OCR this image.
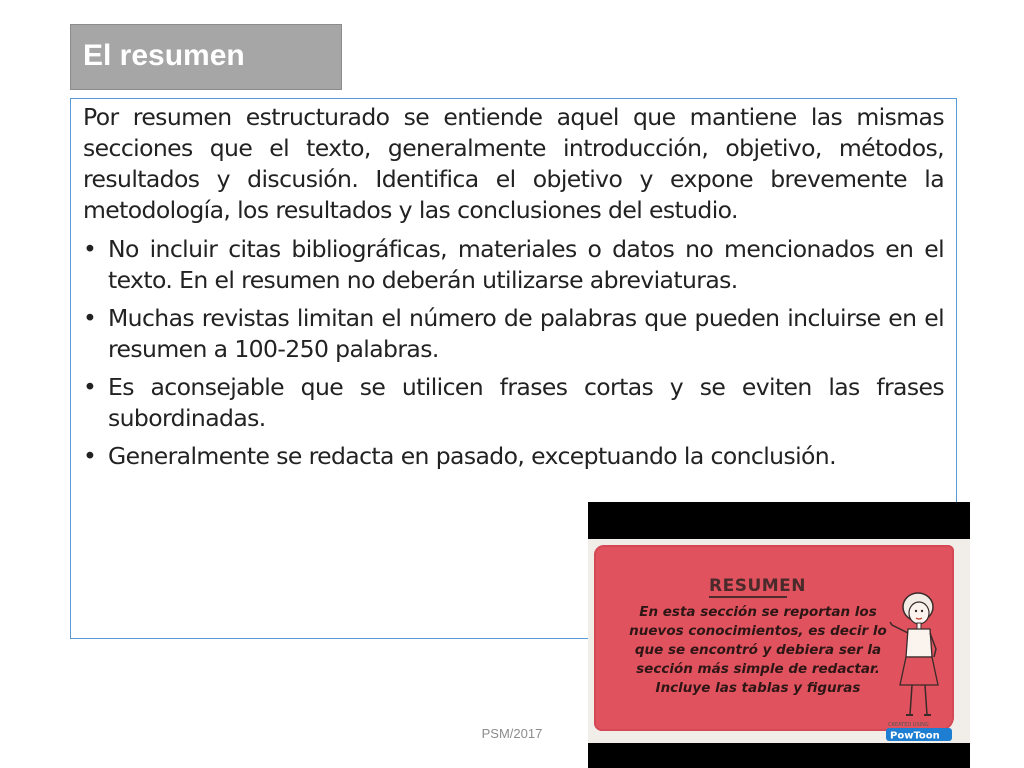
El resumen

Por resumen estructurado se entiende aquel que mantiene las mismas secciones que el texto, generalmente introducción, objetivo, métodos, resultados y discusión. Identifica el objetivo y expone brevemente la metodología, los resultados y las conclusiones del estudio.

• No incluir citas bibliográficas, materiales o datos no mencionados en el texto. En el resumen no deberán utilizarse abreviaturas.
• Muchas revistas limitan el número de palabras que pueden incluirse en el resumen a 100-250 palabras.
• Es aconsejable que se utilicen frases cortas y se eviten las frases subordinadas.
• Generalmente se redacta en pasado, exceptuando la conclusión.
PSM/2017
RESUMEN
En esta sección se reportan los
nuevos conocimientos, es decir lo
que se encontró y debiera ser la
sección más simple de redactar.
Incluye las tablas y figuras
CREATED USING
PowToon
